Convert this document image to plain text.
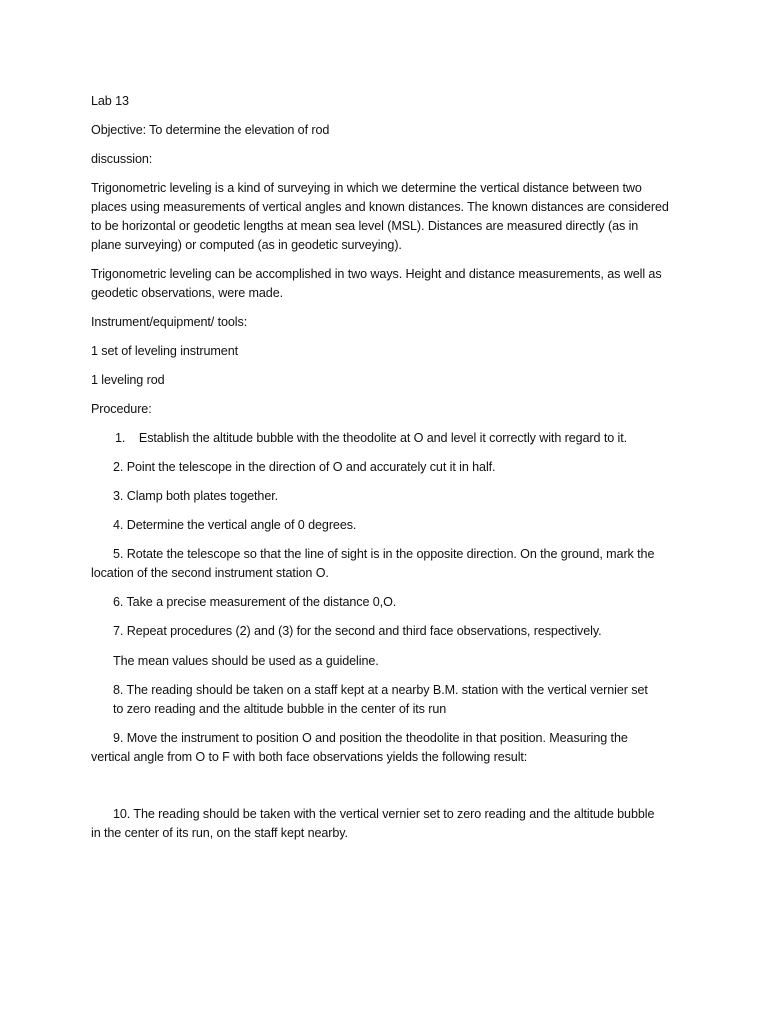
Lab 13
Objective: To determine the elevation of rod
discussion:
Trigonometric leveling is a kind of surveying in which we determine the vertical distance between two
places using measurements of vertical angles and known distances. The known distances are considered
to be horizontal or geodetic lengths at mean sea level (MSL). Distances are measured directly (as in
plane surveying) or computed (as in geodetic surveying).
Trigonometric leveling can be accomplished in two ways. Height and distance measurements, as well as
geodetic observations, were made.
Instrument/equipment/ tools:
1 set of leveling instrument
1 leveling rod
Procedure:
1.    Establish the altitude bubble with the theodolite at O and level it correctly with regard to it.
2. Point the telescope in the direction of O and accurately cut it in half.
3. Clamp both plates together.
4. Determine the vertical angle of 0 degrees.
5. Rotate the telescope so that the line of sight is in the opposite direction. On the ground, mark the
location of the second instrument station O.
6. Take a precise measurement of the distance 0,O.
7. Repeat procedures (2) and (3) for the second and third face observations, respectively.
The mean values should be used as a guideline.
8. The reading should be taken on a staff kept at a nearby B.M. station with the vertical vernier set
to zero reading and the altitude bubble in the center of its run
9. Move the instrument to position O and position the theodolite in that position. Measuring the
vertical angle from O to F with both face observations yields the following result:
10. The reading should be taken with the vertical vernier set to zero reading and the altitude bubble
in the center of its run, on the staff kept nearby.
